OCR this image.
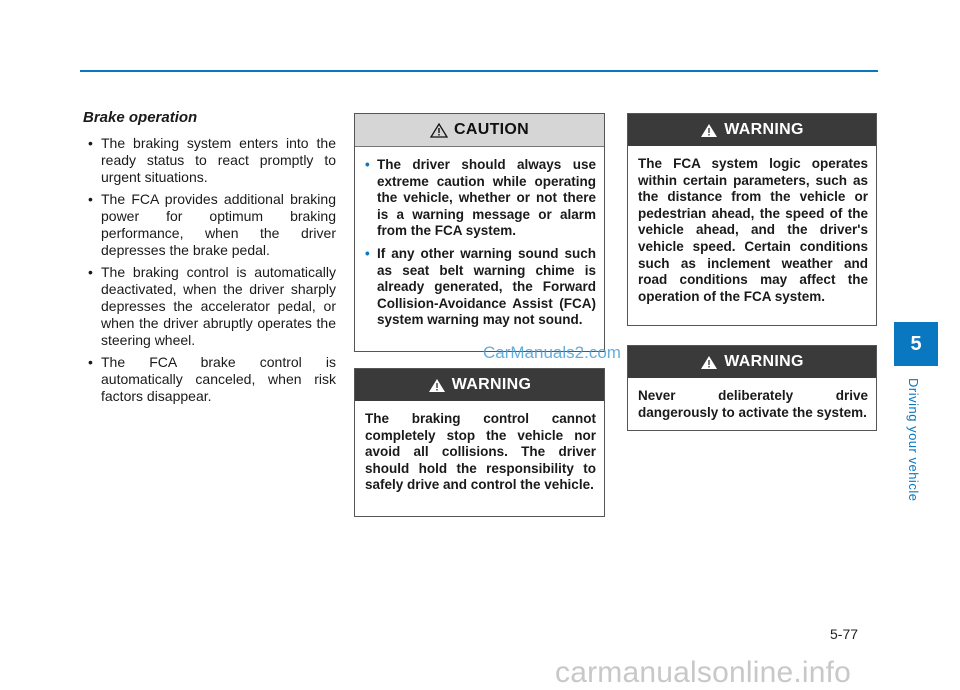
Brake operation
• The braking system enters into the ready status to react promptly to urgent situations.
• The FCA provides additional braking power for optimum braking performance, when the driver depresses the brake pedal.
• The braking control is automatically deactivated, when the driver sharply depresses the accelerator pedal, or when the driver abruptly operates the steering wheel.
• The FCA brake control is automatically canceled, when risk factors disappear.
CAUTION
• The driver should always use extreme caution while operating the vehicle, whether or not there is a warning message or alarm from the FCA system.
• If any other warning sound such as seat belt warning chime is already generated, the Forward Collision-Avoidance Assist (FCA) system warning may not sound.
CarManuals2.com
WARNING
The braking control cannot completely stop the vehicle nor avoid all collisions. The driver should hold the responsibility to safely drive and control the vehicle.
WARNING
The FCA system logic operates within certain parameters, such as the distance from the vehicle or pedestrian ahead, the speed of the vehicle ahead, and the driver's vehicle speed. Certain conditions such as inclement weather and road conditions may affect the operation of the FCA system.
WARNING
Never deliberately drive dangerously to activate the system.
5
Driving your vehicle
5-77
carmanualsonline.info
